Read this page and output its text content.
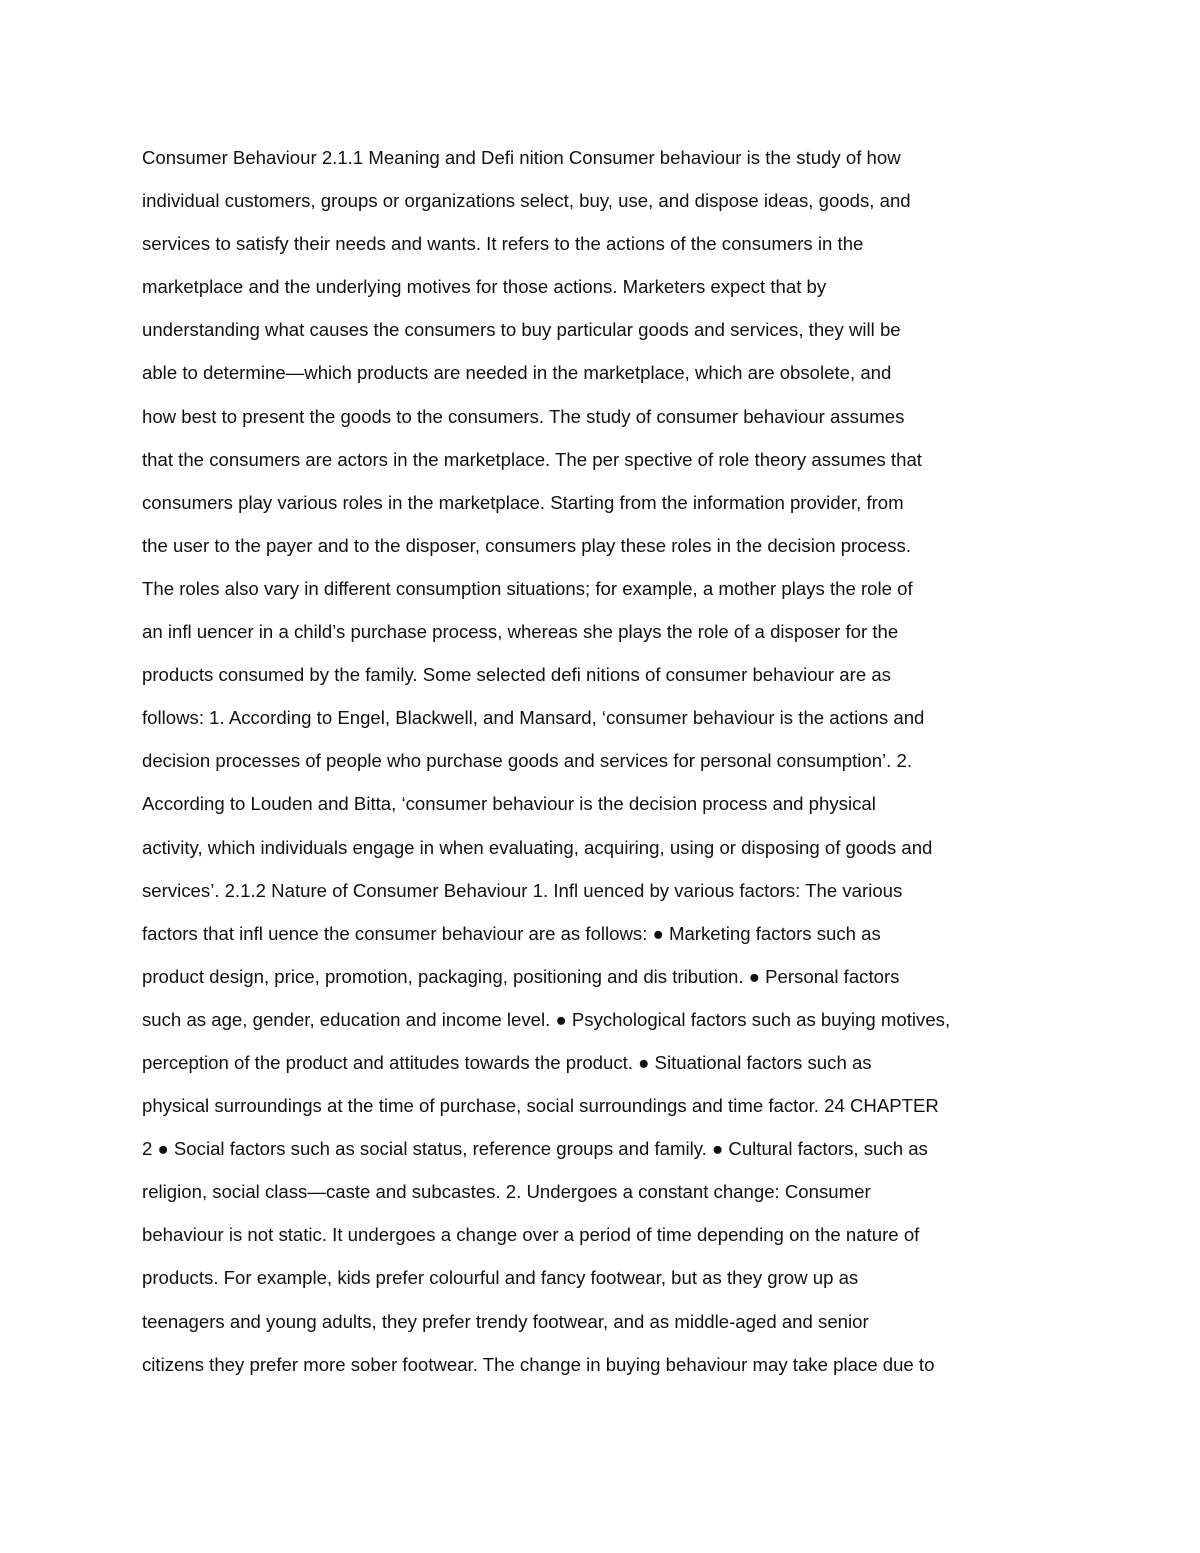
Consumer Behaviour 2.1.1 Meaning and Defi nition Consumer behaviour is the study of how
individual customers, groups or organizations select, buy, use, and dispose ideas, goods, and
services to satisfy their needs and wants. It refers to the actions of the consumers in the
marketplace and the underlying motives for those actions. Marketers expect that by
understanding what causes the consumers to buy particular goods and services, they will be
able to determine—which products are needed in the marketplace, which are obsolete, and
how best to present the goods to the consumers. The study of consumer behaviour assumes
that the consumers are actors in the marketplace. The per spective of role theory assumes that
consumers play various roles in the marketplace. Starting from the information provider, from
the user to the payer and to the disposer, consumers play these roles in the decision process.
The roles also vary in different consumption situations; for example, a mother plays the role of
an infl uencer in a child’s purchase process, whereas she plays the role of a disposer for the
products consumed by the family. Some selected defi nitions of consumer behaviour are as
follows: 1. According to Engel, Blackwell, and Mansard, ‘consumer behaviour is the actions and
decision processes of people who purchase goods and services for personal consumption’. 2.
According to Louden and Bitta, ‘consumer behaviour is the decision process and physical
activity, which individuals engage in when evaluating, acquiring, using or disposing of goods and
services’. 2.1.2 Nature of Consumer Behaviour 1. Infl uenced by various factors: The various
factors that infl uence the consumer behaviour are as follows: ● Marketing factors such as
product design, price, promotion, packaging, positioning and dis tribution. ● Personal factors
such as age, gender, education and income level. ● Psychological factors such as buying motives,
perception of the product and attitudes towards the product. ● Situational factors such as
physical surroundings at the time of purchase, social surroundings and time factor. 24 CHAPTER
2 ● Social factors such as social status, reference groups and family. ● Cultural factors, such as
religion, social class—caste and subcastes. 2. Undergoes a constant change: Consumer
behaviour is not static. It undergoes a change over a period of time depending on the nature of
products. For example, kids prefer colourful and fancy footwear, but as they grow up as
teenagers and young adults, they prefer trendy footwear, and as middle-aged and senior
citizens they prefer more sober footwear. The change in buying behaviour may take place due to
